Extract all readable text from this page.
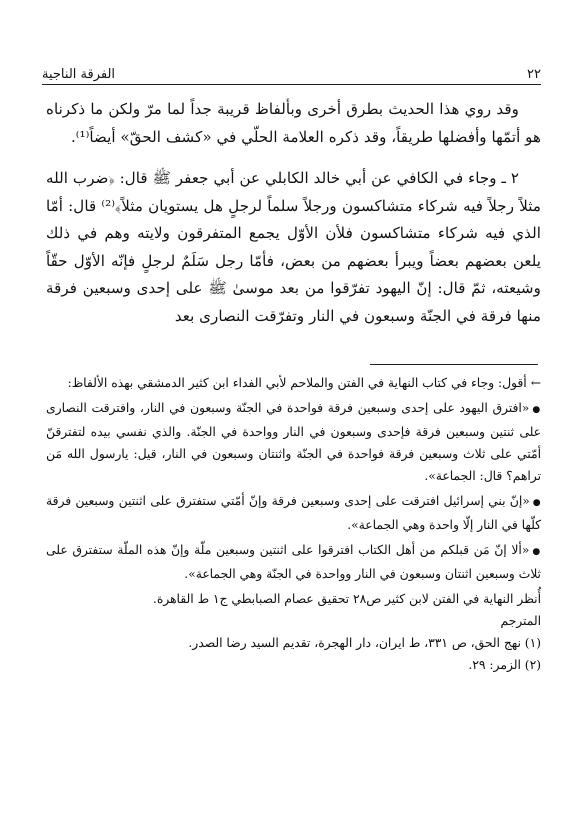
٢٢
الفرقة الناجية

وقد روي هذا الحديث بطرق أخرى وبألفاظ قريبة جداً لما مرّ ولكن ما ذكرناه هو أتمّها وأفضلها طريقاً، وقد ذكره العلامة الحلّي في «كشف الحقّ» أيضاً⁽¹⁾.

٢ ـ وجاء في الكافي عن أبي خالد الكابلي عن أبي جعفر ﷺ قال: ﴿ضرب الله مثلاً رجلاً فيه شركاء متشاكسون ورجلاً سلماً لرجلٍ هل يستويان مثلاً﴾⁽²⁾ قال: أمّا الذي فيه شركاء متشاكسون فلأن الأوّل يجمع المتفرقون ولايته وهم في ذلك يلعن بعضهم بعضاً ويبرأ بعضهم من بعض، فأمّا رجل سَلَمٌ لرجلٍ فإنّه الأوّل حقّاً وشيعته، ثمّ قال: إنّ اليهود تفرّقوا من بعد موسىٰ ﷺ على إحدى وسبعين فرقة منها فرقة في الجنّة وسبعون في النار وتفرّقت النصارى بعد

←أقول: وجاء في كتاب النهاية في الفتن والملاحم لأبي الفداء ابن كثير الدمشقي بهذه الألفاظ:

●«افترق اليهود على إحدى وسبعين فرقة فواحدة في الجنّة وسبعون في النار، وافترقت النصارى على ثنتين وسبعين فرقة فإحدى وسبعون في النار وواحدة في الجنّة. والذي نفسي بيده لتفترقنّ أمّتي على ثلاث وسبعين فرقة فواحدة في الجنّة واثنتان وسبعون في النار، قيل: يارسول الله مَن تراهم؟ قال: الجماعة».

●«إنّ بني إسرائيل افترقت على إحدى وسبعين فرقة وإنّ أمّتي ستفترق على اثنتين وسبعين فرقة كلّها في النار إلّا واحدة وهي الجماعة».

●«ألا إنّ مَن قبلكم من أهل الكتاب افترقوا على اثنتين وسبعين ملّة وإنّ هذه الملّة ستفترق على ثلاث وسبعين اثنتان وسبعون في النار وواحدة في الجنّة وهي الجماعة».

أُنظر النهاية في الفتن لابن كثير ص٢٨ تحقيق عصام الصبابطي ج١ ط القاهرة.

المترجم

(١) نهج الحق، ص ٣٣١، ط ايران، دار الهجرة، تقديم السيد رضا الصدر.

(٢) الزمر: ٢٩.
